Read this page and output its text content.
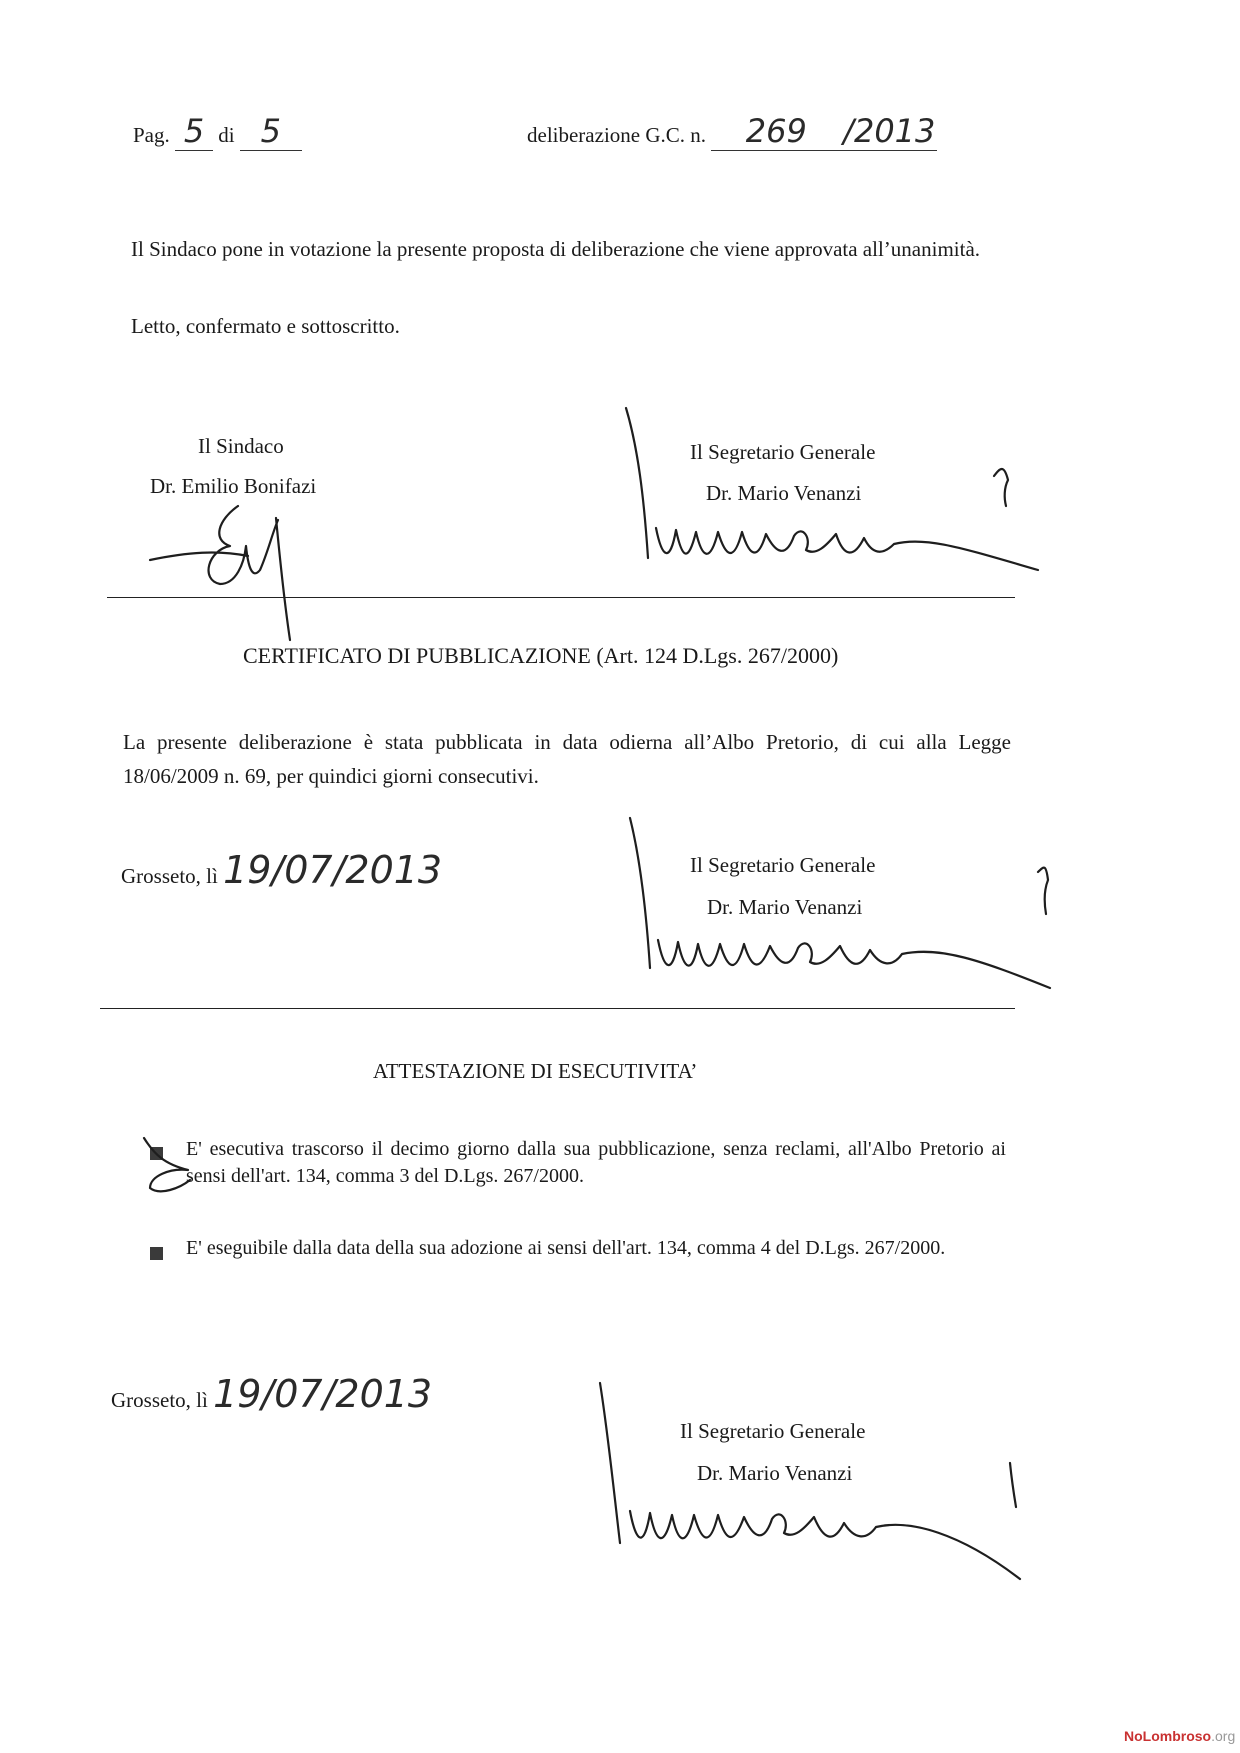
Pag. 5 di 5	deliberazione G.C. n. 269 /2013
Il Sindaco pone in votazione la presente proposta di deliberazione che viene approvata all’unanimità.
Letto, confermato e sottoscritto.
Il Sindaco
Dr. Emilio Bonifazi
Il Segretario Generale
Dr. Mario Venanzi
CERTIFICATO DI PUBBLICAZIONE (Art. 124 D.Lgs. 267/2000)
La presente deliberazione è stata pubblicata in data odierna all’Albo Pretorio, di cui alla Legge 18/06/2009 n. 69, per quindici giorni consecutivi.
Grosseto, lì 19/07/2013	Il Segretario Generale
Dr. Mario Venanzi
ATTESTAZIONE DI ESECUTIVITA’
E' esecutiva trascorso il decimo giorno dalla sua pubblicazione, senza reclami, all'Albo Pretorio ai sensi dell'art. 134, comma 3 del D.Lgs. 267/2000.
E' eseguibile dalla data della sua adozione ai sensi dell'art. 134, comma 4 del D.Lgs. 267/2000.
Grosseto, lì 19/07/2013
Il Segretario Generale
Dr. Mario Venanzi
NoLombroso.org
